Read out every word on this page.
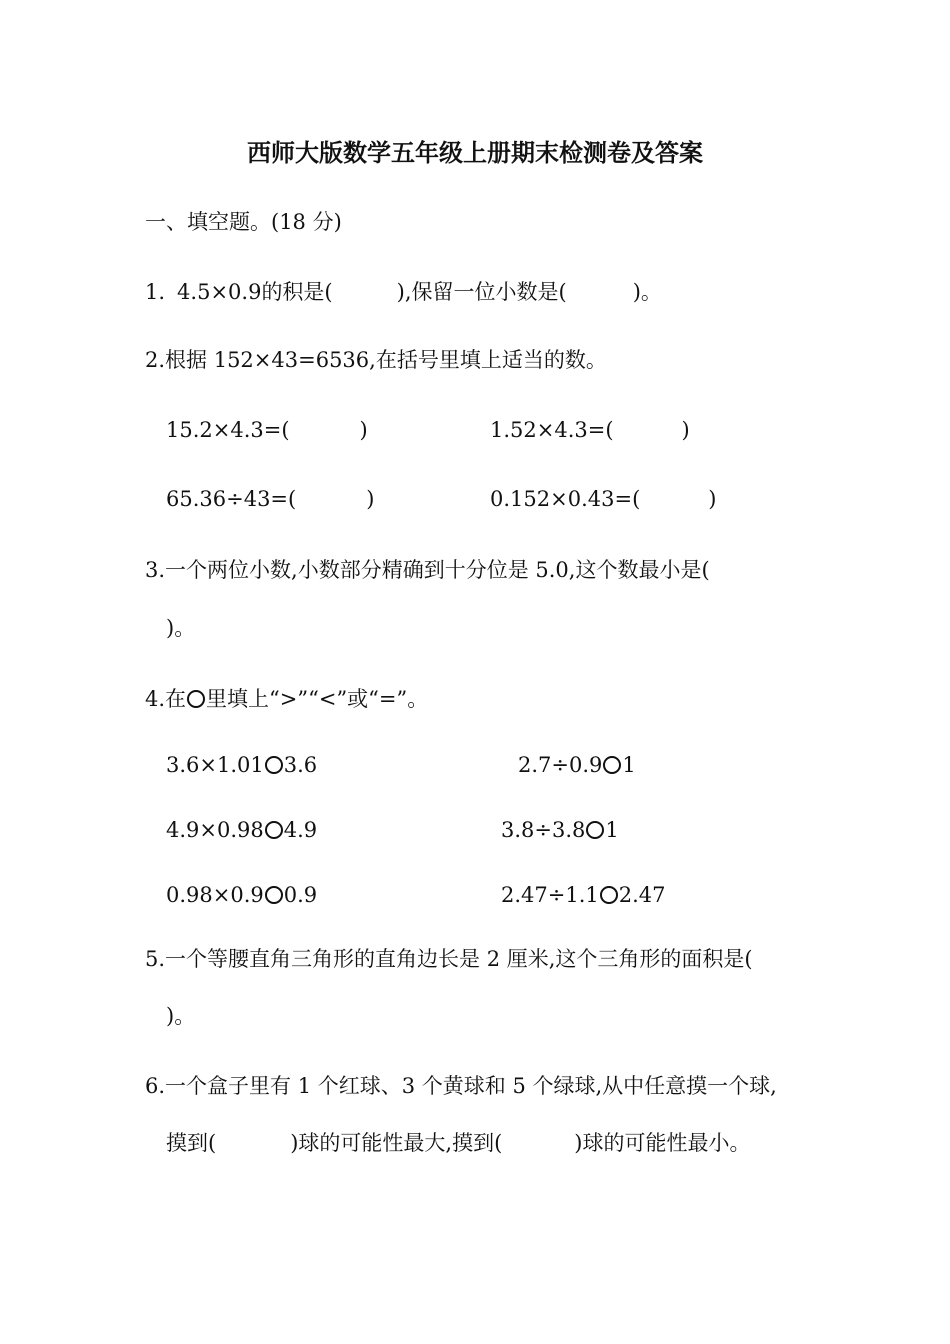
西师大版数学五年级上册期末检测卷及答案
一、填空题。(18 分)
1. 4.5×0.9的积是(	),保留一位小数是(	)。
2.根据 152×43=6536,在括号里填上适当的数。
15.2×4.3=(	)	1.52×4.3=(	)
65.36÷43=(	)	0.152×0.43=(	)
3.一个两位小数,小数部分精确到十分位是 5.0,这个数最小是(
)。
4.在 里填上“>”“<”或“=”。
3.6×1.01 3.6	2.7÷0.9 1
4.9×0.98 4.9	3.8÷3.8 1
0.98×0.9 0.9	2.47÷1.1 2.47
5.一个等腰直角三角形的直角边长是 2 厘米,这个三角形的面积是(
)。
6.一个盒子里有 1 个红球、3 个黄球和 5 个绿球,从中任意摸一个球,
摸到(	)球的可能性最大,摸到(	)球的可能性最小。
